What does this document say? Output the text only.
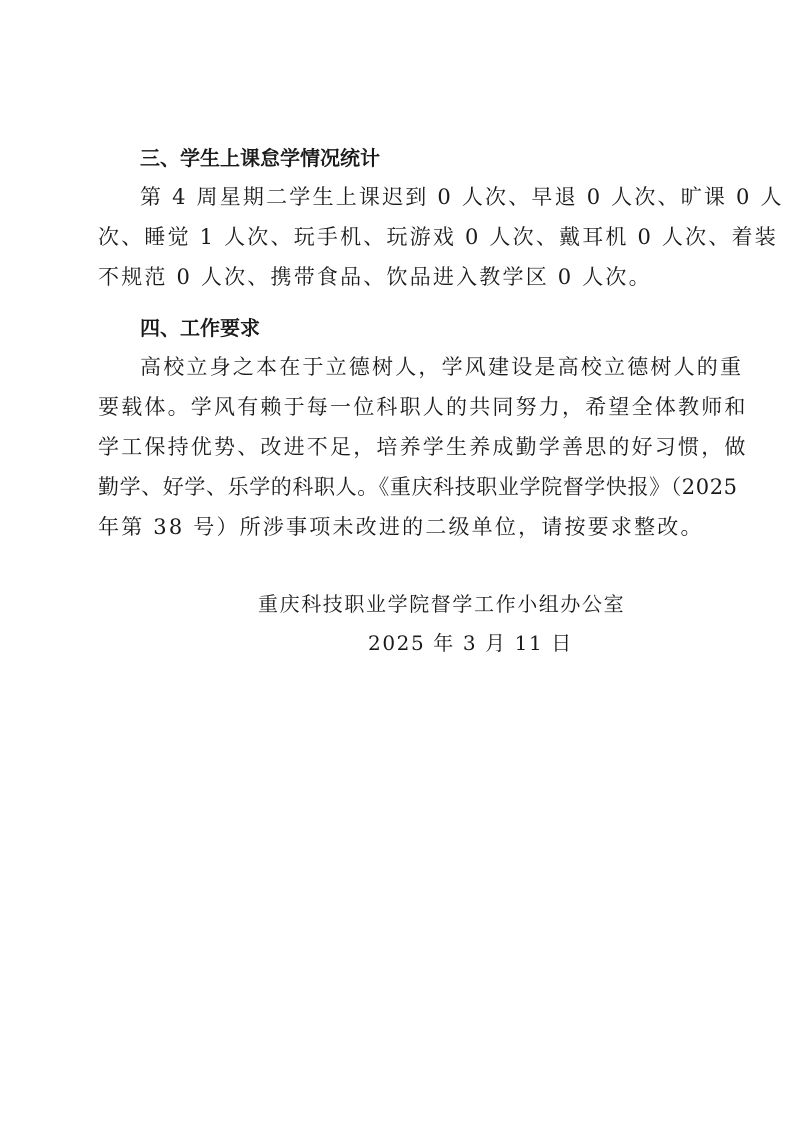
三、学生上课怠学情况统计
第 4 周星期二学生上课迟到 0 人次、早退 0 人次、旷课 0 人
次、睡觉 1 人次、玩手机、玩游戏 0 人次、戴耳机 0 人次、着装
不规范 0 人次、携带食品、饮品进入教学区 0 人次。
四、工作要求
高校立身之本在于立德树人，学风建设是高校立德树人的重
要载体。学风有赖于每一位科职人的共同努力，希望全体教师和
学工保持优势、改进不足，培养学生养成勤学善思的好习惯，做
勤学、好学、乐学的科职人。《重庆科技职业学院督学快报》（2025
年第 38 号）所涉事项未改进的二级单位，请按要求整改。
重庆科技职业学院督学工作小组办公室
2025 年 3 月 11 日
